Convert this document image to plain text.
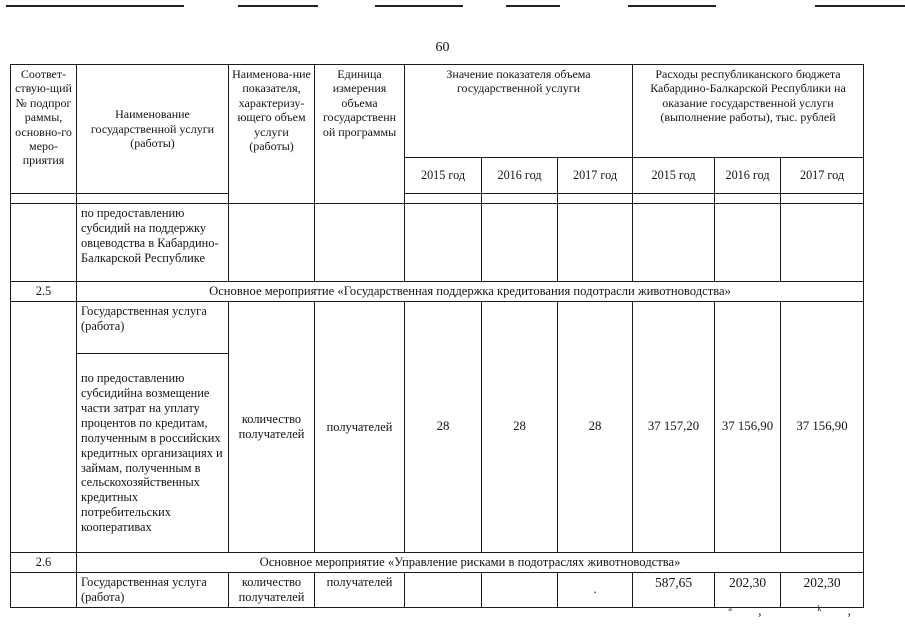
60
Соответ-ствую-щий № подпрог раммы, основно-го меро-приятия	Наименование государственной услуги (работы)	Наименова-ние показателя, характеризу-ющего объем услуги (работы)	Единица измерения объема государственн ой программы	Значение показателя объема государственной услуги			Расходы республиканского бюджета Кабардино-Балкарской Республики на оказание государственной услуги (выполнение работы), тыс. рублей		
				2015 год	2016 год	2017 год	2015 год	2016 год	2017 год

	по предоставлению субсидий на поддержку овцеводства в Кабардино-Балкарской Республике								
2.5	Основное мероприятие «Государственная поддержка кредитования подотрасли животноводства»								
	Государственная услуга (работа)	количество получателей	получателей	28	28	28	37 157,20	37 156,90	37 156,90
	по предоставлению субсидийна возмещение части затрат на уплату процентов по кредитам, полученным в российских кредитных организациях и займам, полученным в сельскохозяйственных кредитных потребительских кооперативах								
2.6	Основное мероприятие «Управление рисками в подотраслях животноводства»								
	Государственная услуга (работа)	количество получателей	получателей			.	587,65	202,30	202,30
ᵃ, ᵏ,
